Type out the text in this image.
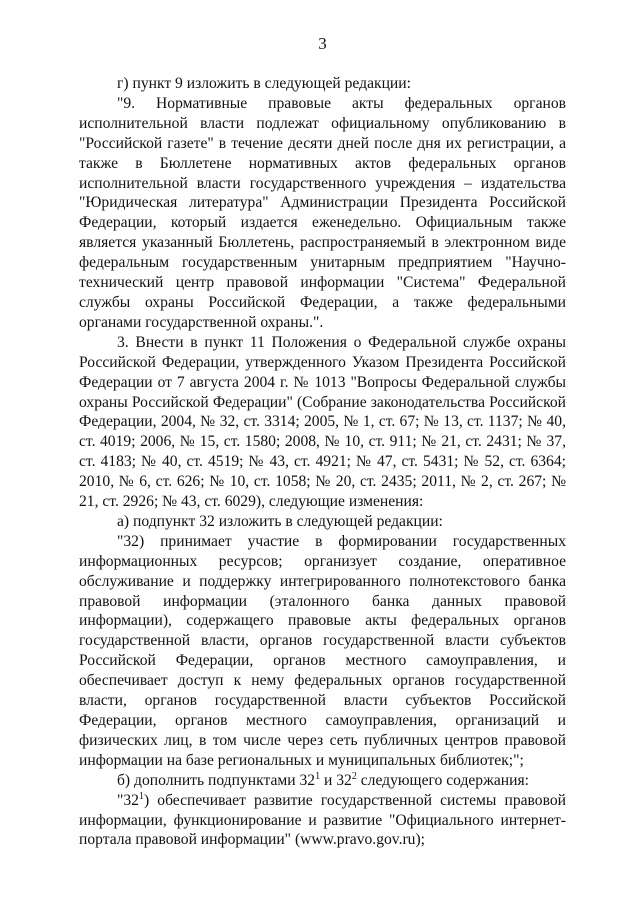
3

г) пункт 9 изложить в следующей редакции:

"9. Нормативные правовые акты федеральных органов исполнительной власти подлежат официальному опубликованию в "Российской газете" в течение десяти дней после дня их регистрации, а также в Бюллетене нормативных актов федеральных органов исполнительной власти государственного учреждения – издательства "Юридическая литература" Администрации Президента Российской Федерации, который издается еженедельно. Официальным также является указанный Бюллетень, распространяемый в электронном виде федеральным государственным унитарным предприятием "Научно-технический центр правовой информации "Система" Федеральной службы охраны Российской Федерации, а также федеральными органами государственной охраны.".

3. Внести в пункт 11 Положения о Федеральной службе охраны Российской Федерации, утвержденного Указом Президента Российской Федерации от 7 августа 2004 г. № 1013 "Вопросы Федеральной службы охраны Российской Федерации" (Собрание законодательства Российской Федерации, 2004, № 32, ст. 3314; 2005, № 1, ст. 67; № 13, ст. 1137; № 40, ст. 4019; 2006, № 15, ст. 1580; 2008, № 10, ст. 911; № 21, ст. 2431; № 37, ст. 4183; № 40, ст. 4519; № 43, ст. 4921; № 47, ст. 5431; № 52, ст. 6364; 2010, № 6, ст. 626; № 10, ст. 1058; № 20, ст. 2435; 2011, № 2, ст. 267; № 21, ст. 2926; № 43, ст. 6029), следующие изменения:

а) подпункт 32 изложить в следующей редакции:

"32) принимает участие в формировании государственных информационных ресурсов; организует создание, оперативное обслуживание и поддержку интегрированного полнотекстового банка правовой информации (эталонного банка данных правовой информации), содержащего правовые акты федеральных органов государственной власти, органов государственной власти субъектов Российской Федерации, органов местного самоуправления, и обеспечивает доступ к нему федеральных органов государственной власти, органов государственной власти субъектов Российской Федерации, органов местного самоуправления, организаций и физических лиц, в том числе через сеть публичных центров правовой информации на базе региональных и муниципальных библиотек;";

б) дополнить подпунктами $32^1$ и $32^2$ следующего содержания:

"$32^1$) обеспечивает развитие государственной системы правовой информации, функционирование и развитие "Официального интернет-портала правовой информации" (www.pravo.gov.ru);
